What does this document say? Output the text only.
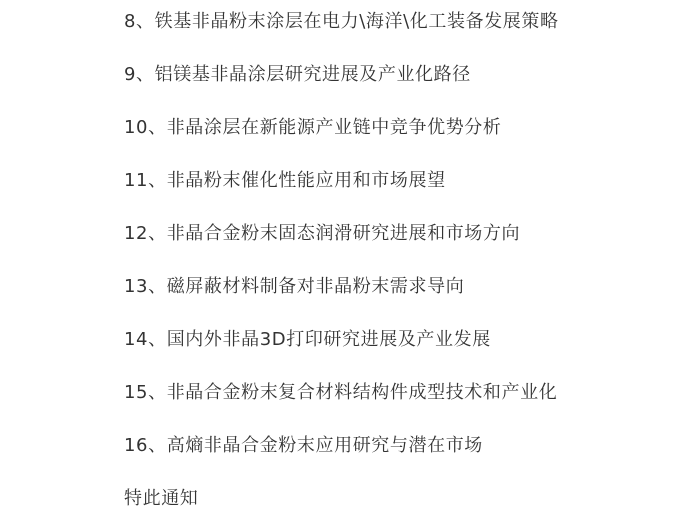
8、铁基非晶粉末涂层在电力\海洋\化工装备发展策略
9、铝镁基非晶涂层研究进展及产业化路径
10、非晶涂层在新能源产业链中竞争优势分析
11、非晶粉末催化性能应用和市场展望
12、非晶合金粉末固态润滑研究进展和市场方向
13、磁屏蔽材料制备对非晶粉末需求导向
14、国内外非晶3D打印研究进展及产业发展
15、非晶合金粉末复合材料结构件成型技术和产业化
16、高熵非晶合金粉末应用研究与潜在市场

特此通知
